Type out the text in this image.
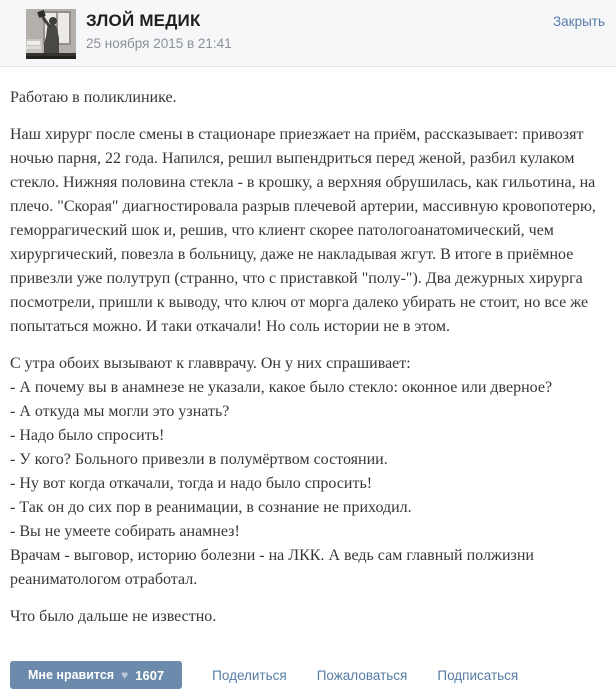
ЗЛОЙ МЕДИК
25 ноября 2015 в 21:41
Закрыть

Работаю в поликлинике.

Наш хирург после смены в стационаре приезжает на приём, рассказывает: привозят ночью парня, 22 года. Напился, решил выпендриться перед женой, разбил кулаком стекло. Нижняя половина стекла - в крошку, а верхняя обрушилась, как гильотина, на плечо. "Скорая" диагностировала разрыв плечевой артерии, массивную кровопотерю, геморрагический шок и, решив, что клиент скорее патологоанатомический, чем хирургический, повезла в больницу, даже не накладывая жгут. В итоге в приёмное привезли уже полутруп (странно, что с приставкой "полу-"). Два дежурных хирурга посмотрели, пришли к выводу, что ключ от морга далеко убирать не стоит, но все же попытаться можно. И таки откачали! Но соль истории не в этом.

С утра обоих вызывают к главврачу. Он у них спрашивает:
- А почему вы в анамнезе не указали, какое было стекло: оконное или дверное?
- А откуда мы могли это узнать?
- Надо было спросить!
- У кого? Больного привезли в полумёртвом состоянии.
- Ну вот когда откачали, тогда и надо было спросить!
- Так он до сих пор в реанимации, в сознание не приходил.
- Вы не умеете собирать анамнез!
Врачам - выговор, историю болезни - на ЛКК. А ведь сам главный полжизни реаниматологом отработал.

Что было дальше не известно.

Мне нравится ♥ 1607	Поделиться Пожаловаться Подписаться
